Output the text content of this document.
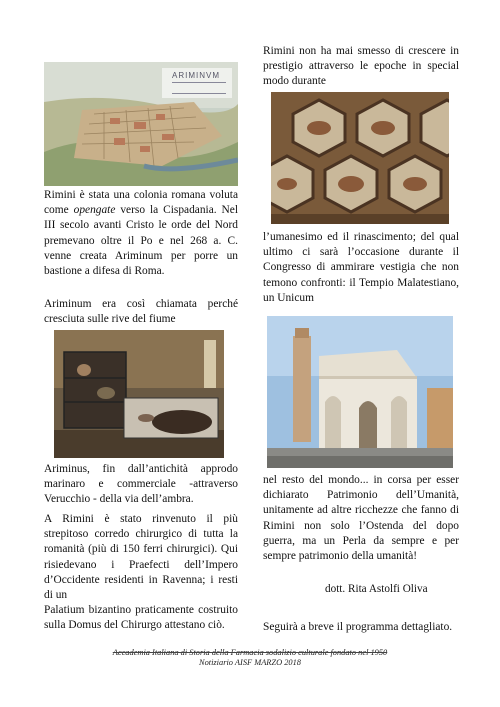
ARIMINVM

Rimini è stata una colonia romana voluta come opengate verso la Cispadania. Nel III secolo avanti Cristo le orde del Nord premevano oltre il Po e nel 268 a. C. venne creata Ariminum per porre un bastione a difesa di Roma.

Ariminum era così chiamata perché cresciuta sulle rive del fiume

Ariminus, fin dall’antichità approdo marinaro e commerciale -attraverso Verucchio - della via dell’ambra.

A Rimini è stato rinvenuto il più strepitoso corredo chirurgico di tutta la romanità (più di 150 ferri chirurgici). Qui risiedevano i Praefecti dell’Impero d’Occidente residenti in Ravenna; i resti di un

Palatium bizantino praticamente costruito sulla Domus del Chirurgo attestano ciò.

Rimini non ha mai smesso di crescere in prestigio attraverso le epoche in special modo durante

l’umanesimo ed il rinascimento; del qual ultimo ci sarà l’occasione durante il Congresso di ammirare vestigia che non temono confronti: il Tempio Malatestiano, un Unicum

nel resto del mondo... in corsa per esser dichiarato Patrimonio dell’Umanità, unitamente ad altre ricchezze che fanno di Rimini non solo l’Ostenda del dopo guerra, ma un Perla da sempre e per sempre patrimonio della umanità!

dott. Rita Astolfi Oliva

Seguirà a breve il programma dettagliato.

Accademia Italiana di Storia della Farmacia sodalizio culturale fondato nel 1950
Notiziario AISF MARZO 2018
